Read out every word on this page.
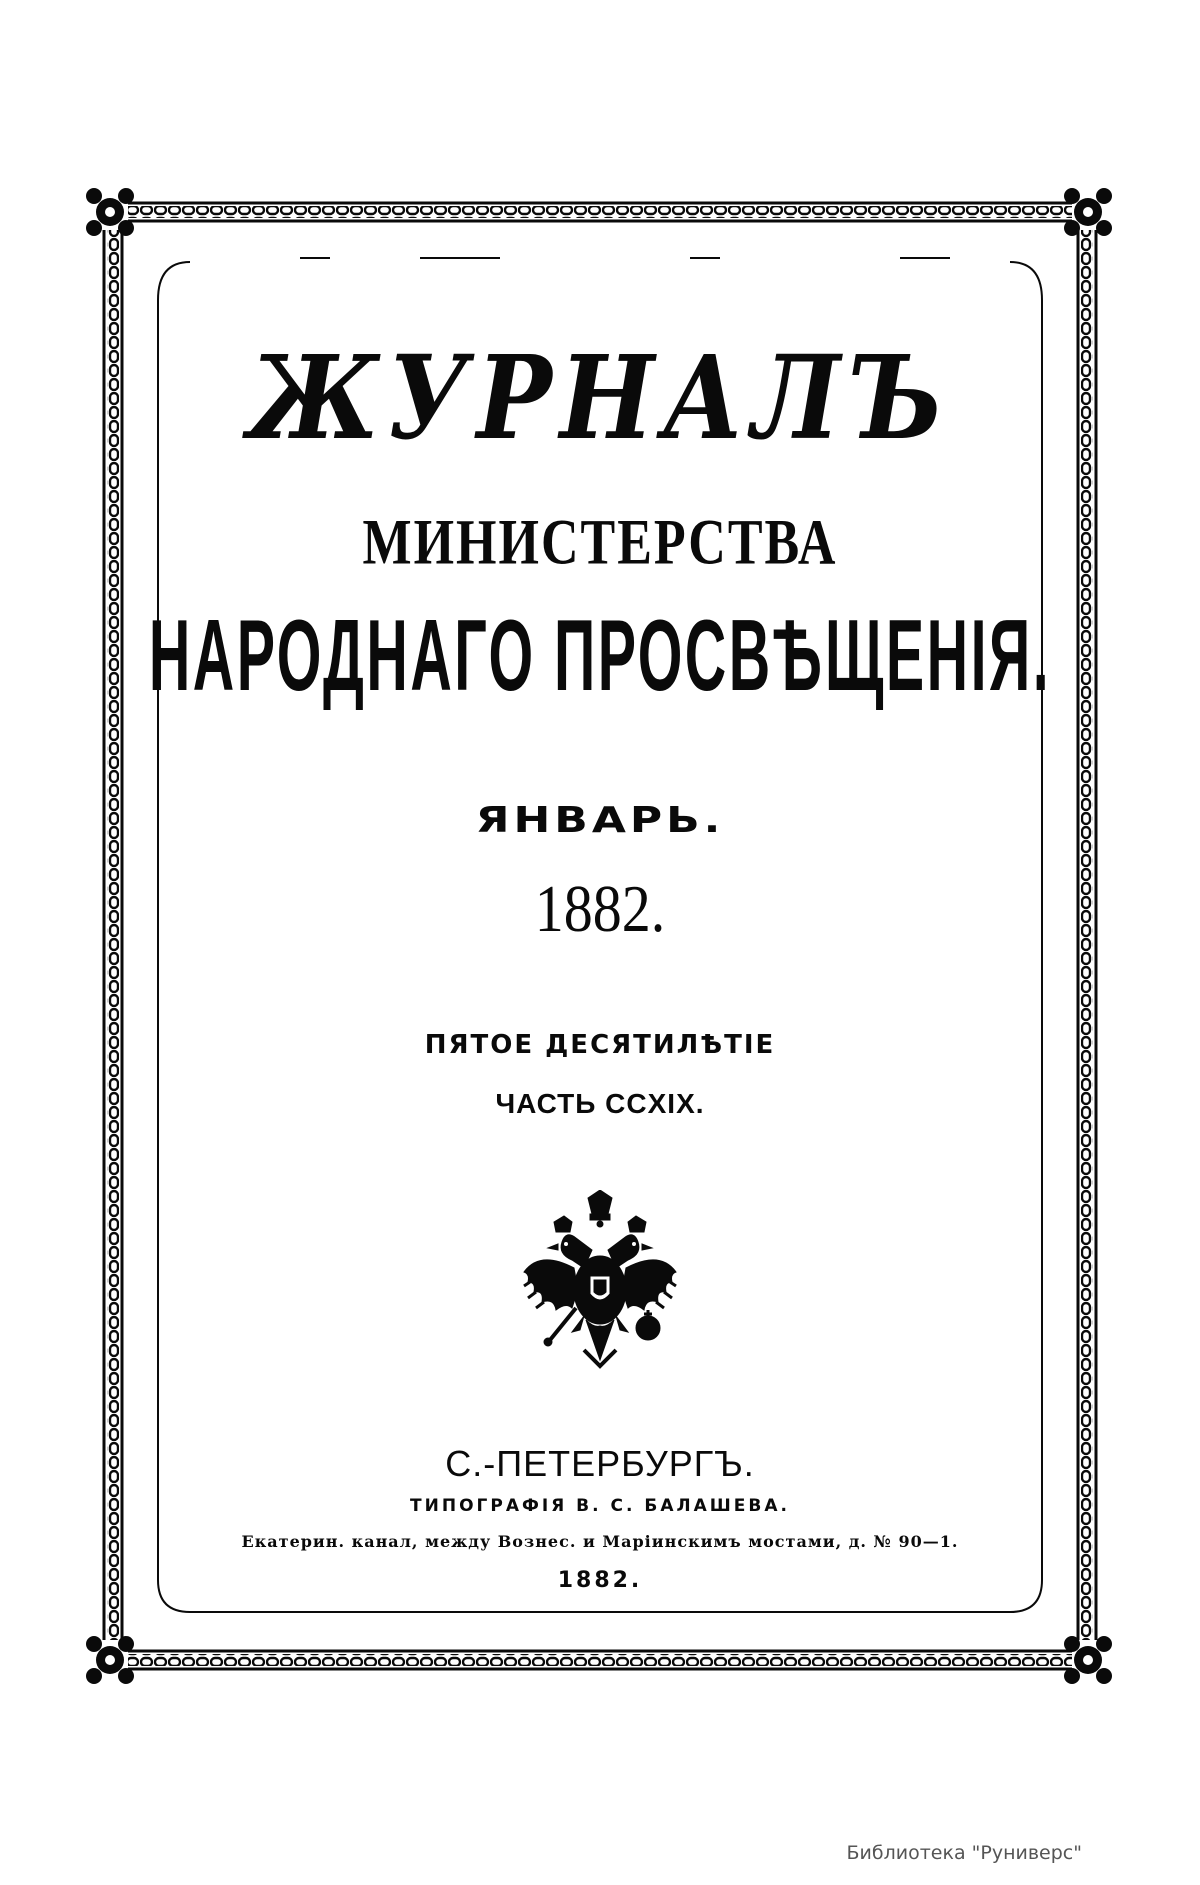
ЖУРНАЛЪ
МИНИСТЕРСТВА
НАРОДНАГО ПРОСВѢЩЕНІЯ.
ЯНВАРЬ.
1882.
ПЯТОЕ ДЕСЯТИЛѢТІЕ
ЧАСТЬ CCXIX.
С.-ПЕТЕРБУРГЪ.
ТИПОГРАФІЯ В. С. БАЛАШЕВА.
Екатерин. канал, между Вознес. и Маріинскимъ мостами, д. № 90—1.
1882.
Библиотека "Руниверс"
